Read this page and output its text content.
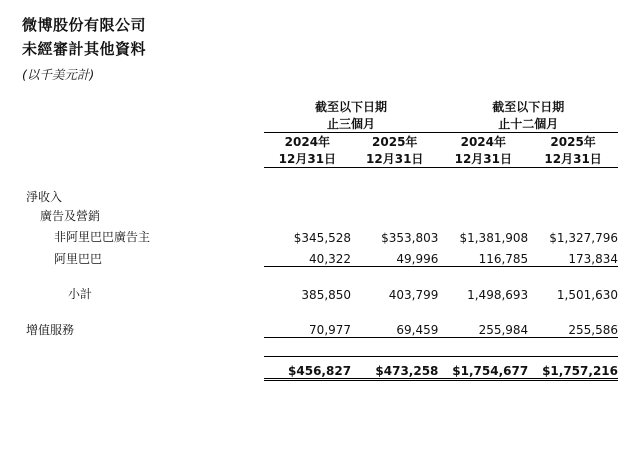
微博股份有限公司
未經審計其他資料
(以千美元計)
	截至以下日期		截至以下日期	
	止三個月		止十二個月	
	2024年	2025年	2024年	2025年
	12月31日	12月31日	12月31日	12月31日

淨收入				
廣告及營銷				
非阿里巴巴廣告主	$345,528	$353,803	$1,381,908	$1,327,796
阿里巴巴	40,322	49,996	116,785	173,834

小計	385,850	403,799	1,498,693	1,501,630

增值服務	70,977	69,459	255,984	255,586

	$456,827	$473,258	$1,754,677	$1,757,216
